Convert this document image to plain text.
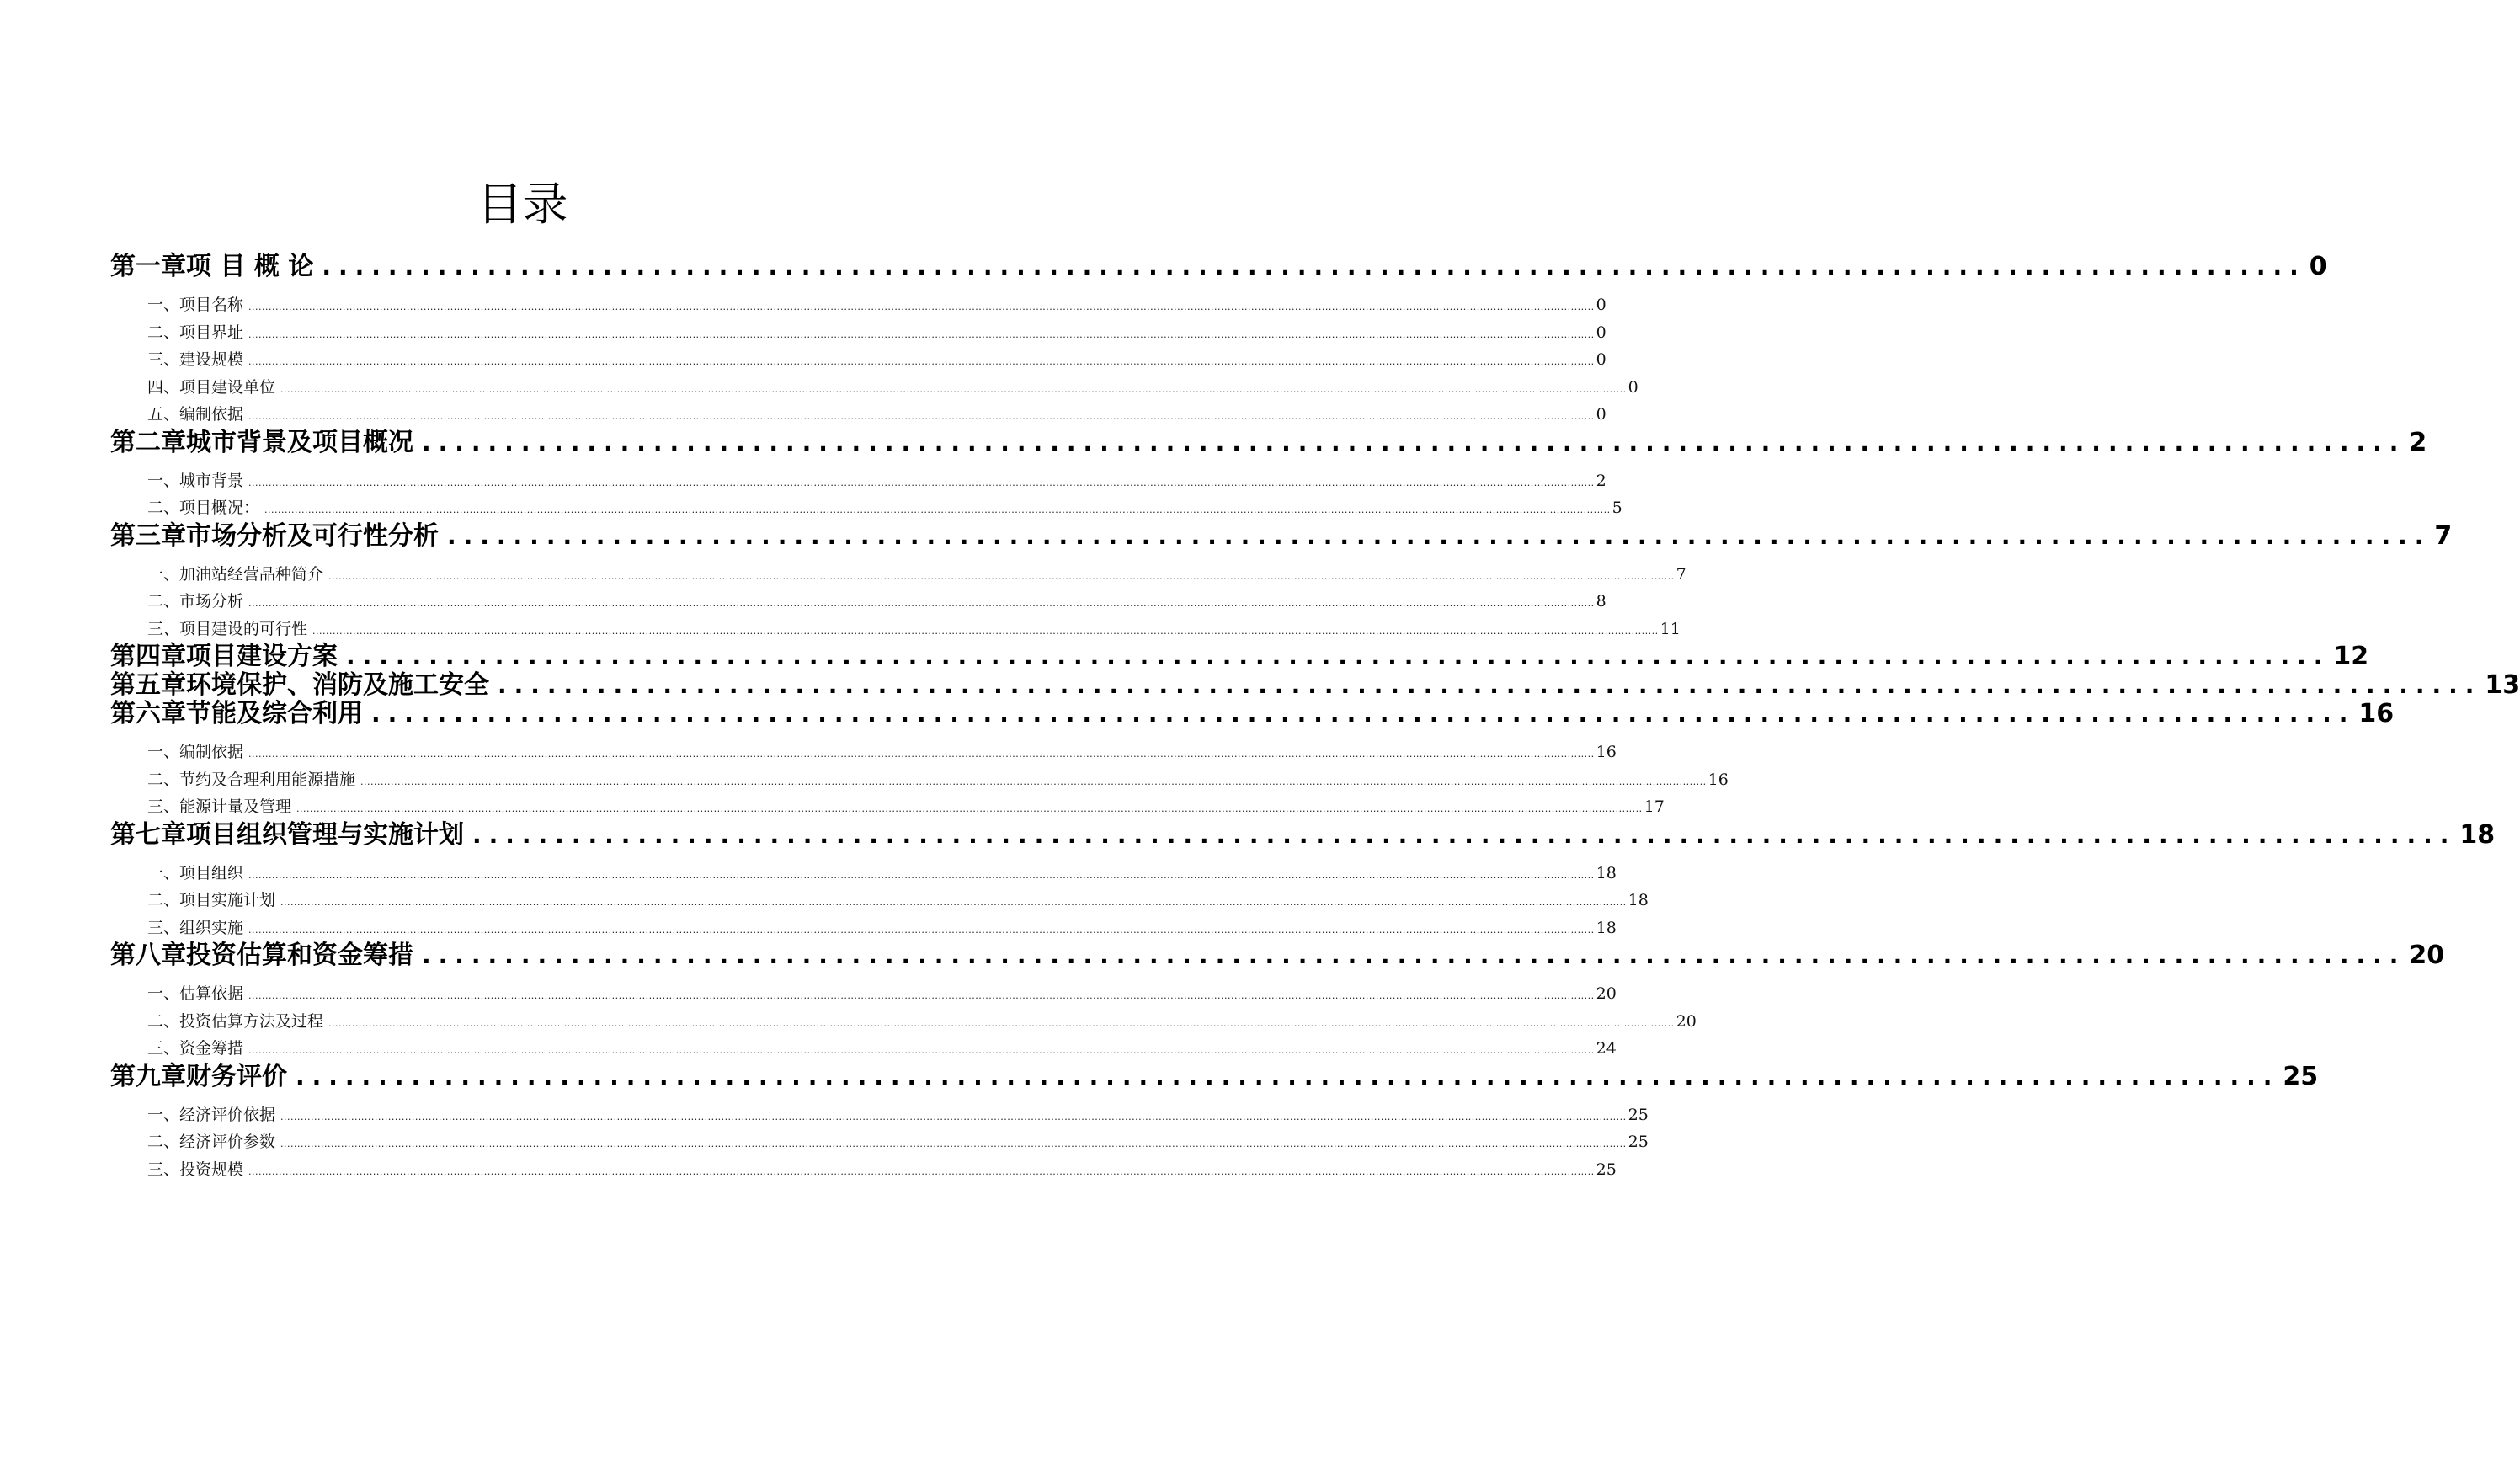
目录
第一章 项 目 概 论 ........................................................................................................................ 0
一、项目名称 ................................................................................................................................................................................................................................................................................................................................................................................................................ 0
二、项目界址 ................................................................................................................................................................................................................................................................................................................................................................................................................ 0
三、建设规模 ................................................................................................................................................................................................................................................................................................................................................................................................................ 0
四、项目建设单位 ................................................................................................................................................................................................................................................................................................................................................................................................................ 0
五、编制依据 ................................................................................................................................................................................................................................................................................................................................................................................................................ 0
第二章 城市背景及项目概况 ........................................................................................................................ 2
一、城市背景 ................................................................................................................................................................................................................................................................................................................................................................................................................ 2
二、项目概况： ................................................................................................................................................................................................................................................................................................................................................................................................................ 5
第三章 市场分析及可行性分析 ........................................................................................................................ 7
一、加油站经营品种简介 ................................................................................................................................................................................................................................................................................................................................................................................................................ 7
二、市场分析 ................................................................................................................................................................................................................................................................................................................................................................................................................ 8
三、项目建设的可行性 ................................................................................................................................................................................................................................................................................................................................................................................................................ 11
第四章 项目建设方案 ........................................................................................................................ 12
第五章 环境保护、消防及施工安全 ........................................................................................................................ 13
第六章 节能及综合利用 ........................................................................................................................ 16
一、编制依据 ................................................................................................................................................................................................................................................................................................................................................................................................................ 16
二、节约及合理利用能源措施 ................................................................................................................................................................................................................................................................................................................................................................................................................ 16
三、能源计量及管理 ................................................................................................................................................................................................................................................................................................................................................................................................................ 17
第七章 项目组织管理与实施计划 ........................................................................................................................ 18
一、项目组织 ................................................................................................................................................................................................................................................................................................................................................................................................................ 18
二、项目实施计划 ................................................................................................................................................................................................................................................................................................................................................................................................................ 18
三、组织实施 ................................................................................................................................................................................................................................................................................................................................................................................................................ 18
第八章 投资估算和资金筹措 ........................................................................................................................ 20
一、估算依据 ................................................................................................................................................................................................................................................................................................................................................................................................................ 20
二、投资估算方法及过程 ................................................................................................................................................................................................................................................................................................................................................................................................................ 20
三、资金筹措 ................................................................................................................................................................................................................................................................................................................................................................................................................ 24
第九章 财务评价 ........................................................................................................................ 25
一、经济评价依据 ................................................................................................................................................................................................................................................................................................................................................................................................................ 25
二、经济评价参数 ................................................................................................................................................................................................................................................................................................................................................................................................................ 25
三、投资规模 ................................................................................................................................................................................................................................................................................................................................................................................................................ 25
